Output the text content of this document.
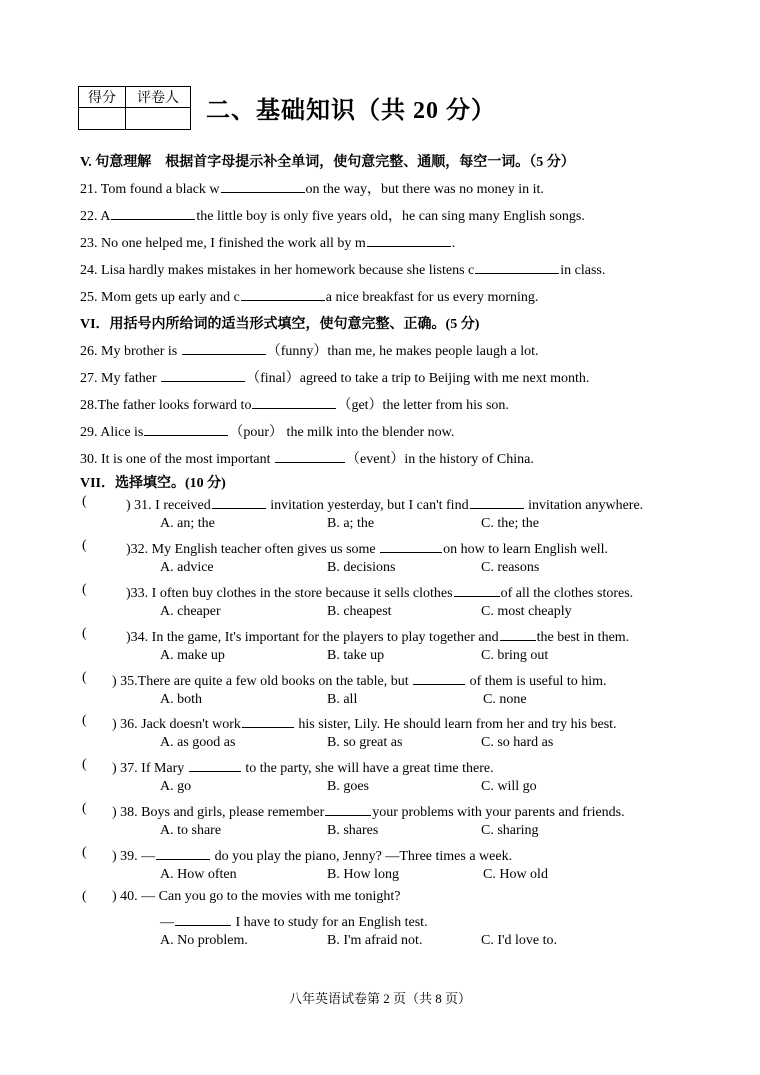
得分	评卷人
	二、基础知识（共 20 分）
V. 句意理解　根据首字母提示补全单词，使句意完整、通顺，每空一词。（5 分）
21. Tom found a black w	on the way，but there was no money in it.
22. A	the little boy is only five years old，he can sing many English songs.
23. No one helped me, I finished the work all by m	.
24. Lisa hardly makes mistakes in her homework because she listens c	in class.
25. Mom gets up early and c	a nice breakfast for us every morning.
VI．用括号内所给词的适当形式填空，使句意完整、正确。(5 分)
26. My brother is	（funny）than me, he makes people laugh a lot.
27. My father	（final）agreed to take a trip to Beijing with me next month.
28.The father looks forward to	（get）the letter from his son.
29. Alice is	（pour） the milk into the blender now.
30. It is one of the most important	（event）in the history of China.
VII．选择填空。(10 分)
(	) 31. I received	invitation yesterday, but I can't find	invitation anywhere.
A. an; the	B. a; the	C. the; the
(	)32. My English teacher often gives us some	on how to learn English well.
A. advice	B. decisions	C. reasons
(	)33. I often buy clothes in the store because it sells clothes	of all the clothes stores.
A. cheaper	B. cheapest	C. most cheaply
(	)34. In the game, It's important for the players to play together and	the best in them.
A. make up	B. take up	C. bring out
( ) 35.There are quite a few old books on the table, but	of them is useful to him.
A. both	B. all	C. none
( ) 36. Jack doesn't work	his sister, Lily. He should learn from her and try his best.
A. as good as	B. so great as	C. so hard as
( ) 37. If Mary	to the party, she will have a great time there.
A. go	B. goes	C. will go
( ) 38. Boys and girls, please remember	your problems with your parents and friends.
A. to share	B. shares	C. sharing
( ) 39. —	do you play the piano, Jenny? —Three times a week.
A. How often	B. How long	C. How old
( ) 40. — Can you go to the movies with me tonight?
—	I have to study for an English test.
A. No problem.	B. I'm afraid not.	C. I'd love to.
八年英语试卷第 2 页（共 8 页）
